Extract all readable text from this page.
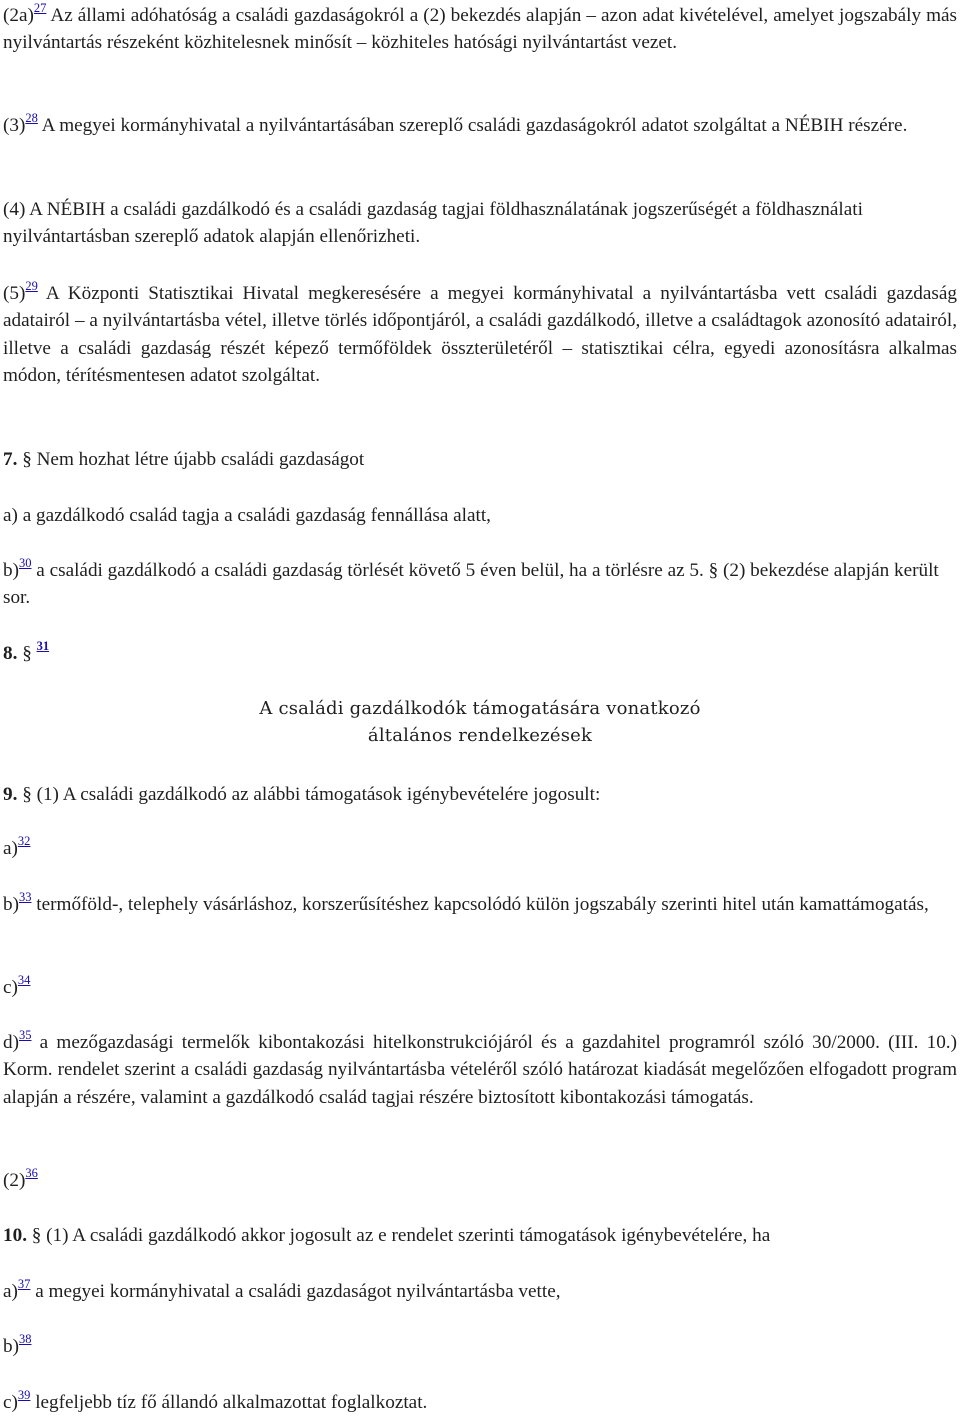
(2a)$^{27}$ Az állami adóhatóság a családi gazdaságokról a (2) bekezdés alapján – azon adat kivételével, amelyet jogszabály más nyilvántartás részeként közhitelesnek minősít – közhiteles hatósági nyilvántartást vezet.
(3)$^{28}$ A megyei kormányhivatal a nyilvántartásában szereplő családi gazdaságokról adatot szolgáltat a NÉBIH részére.
(4) A NÉBIH a családi gazdálkodó és a családi gazdaság tagjai földhasználatának jogszerűségét a földhasználati nyilvántartásban szereplő adatok alapján ellenőrizheti.
(5)$^{29}$ A Központi Statisztikai Hivatal megkeresésére a megyei kormányhivatal a nyilvántartásba vett családi gazdaság adatairól – a nyilvántartásba vétel, illetve törlés időpontjáról, a családi gazdálkodó, illetve a családtagok azonosító adatairól, illetve a családi gazdaság részét képező termőföldek összterületéről – statisztikai célra, egyedi azonosításra alkalmas módon, térítésmentesen adatot szolgáltat.
7. § Nem hozhat létre újabb családi gazdaságot
a) a gazdálkodó család tagja a családi gazdaság fennállása alatt,
b)$^{30}$ a családi gazdálkodó a családi gazdaság törlését követő 5 éven belül, ha a törlésre az 5. § (2) bekezdése alapján került sor.
8. § $^{31}$
A családi gazdálkodók támogatására vonatkozó
általános rendelkezések
9. § (1) A családi gazdálkodó az alábbi támogatások igénybevételére jogosult:
a)$^{32}$
b)$^{33}$ termőföld-, telephely vásárláshoz, korszerűsítéshez kapcsolódó külön jogszabály szerinti hitel után kamattámogatás,
c)$^{34}$
d)$^{35}$ a mezőgazdasági termelők kibontakozási hitelkonstrukciójáról és a gazdahitel programról szóló 30/2000. (III. 10.) Korm. rendelet szerint a családi gazdaság nyilvántartásba vételéről szóló határozat kiadását megelőzően elfogadott program alapján a részére, valamint a gazdálkodó család tagjai részére biztosított kibontakozási támogatás.
(2)$^{36}$
10. § (1) A családi gazdálkodó akkor jogosult az e rendelet szerinti támogatások igénybevételére, ha
a)$^{37}$ a megyei kormányhivatal a családi gazdaságot nyilvántartásba vette,
b)$^{38}$
c)$^{39}$ legfeljebb tíz fő állandó alkalmazottat foglalkoztat.
